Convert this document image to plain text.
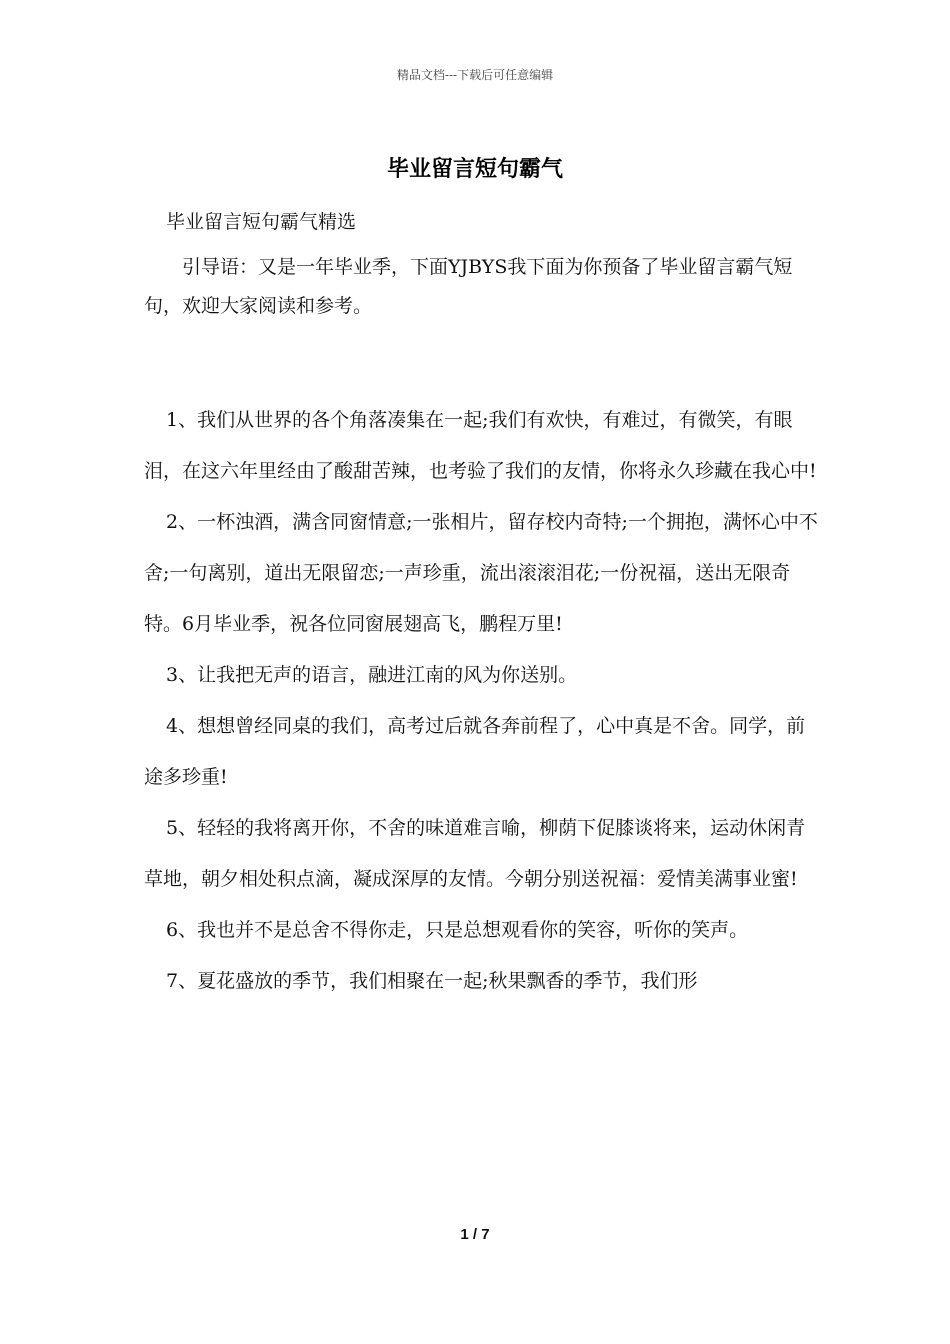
精品文档---下载后可任意编辑
毕业留言短句霸气
毕业留言短句霸气精选
引导语：又是一年毕业季，下面YJBYS我下面为你预备了毕业留言霸气短句，欢迎大家阅读和参考。
1、我们从世界的各个角落凑集在一起;我们有欢快，有难过，有微笑，有眼泪，在这六年里经由了酸甜苦辣，也考验了我们的友情，你将永久珍藏在我心中!
2、一杯浊酒，满含同窗情意;一张相片，留存校内奇特;一个拥抱，满怀心中不舍;一句离别，道出无限留恋;一声珍重，流出滚滚泪花;一份祝福，送出无限奇特。6月毕业季，祝各位同窗展翅高飞，鹏程万里!
3、让我把无声的语言，融进江南的风为你送别。
4、想想曾经同桌的我们，高考过后就各奔前程了，心中真是不舍。同学，前途多珍重!
5、轻轻的我将离开你，不舍的味道难言喻，柳荫下促膝谈将来，运动休闲青草地，朝夕相处积点滴，凝成深厚的友情。今朝分别送祝福：爱情美满事业蜜!
6、我也并不是总舍不得你走，只是总想观看你的笑容，听你的笑声。
7、夏花盛放的季节，我们相聚在一起;秋果飘香的季节，我们形
1 / 7
